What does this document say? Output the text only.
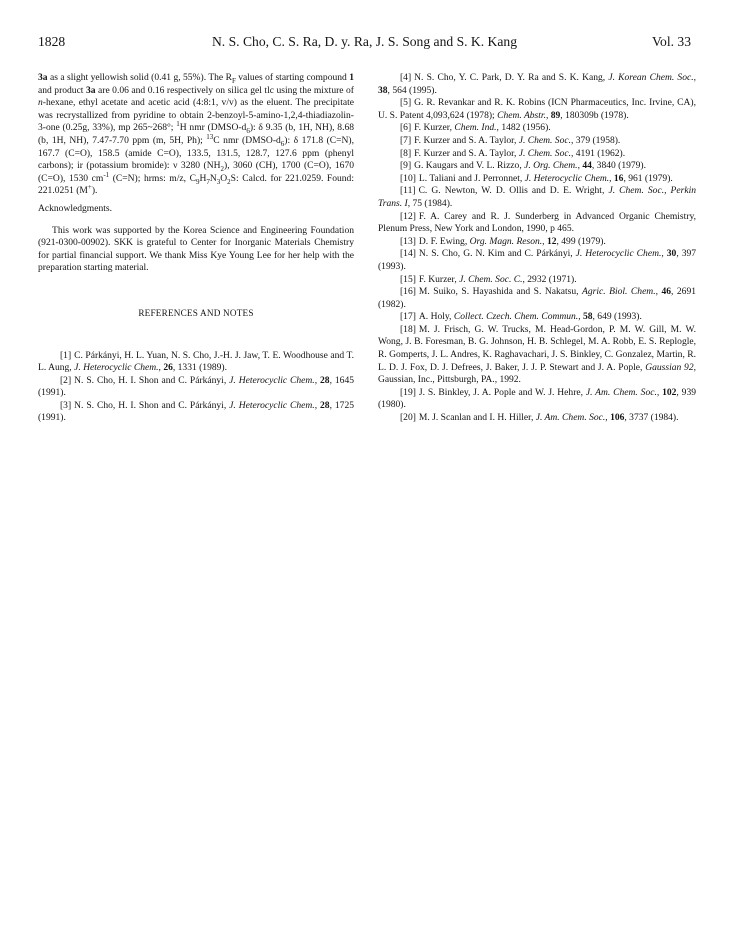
1828	N. S. Cho, C. S. Ra, D. y. Ra, J. S. Song and S. K. Kang	Vol. 33

3a as a slight yellowish solid (0.41 g, 55%). The $R_F$ values of starting compound 1 and product 3a are 0.06 and 0.16 respectively on silica gel tlc using the mixture of n-hexane, ethyl acetate and acetic acid (4:8:1, v/v) as the eluent. The precipitate was recrystallized from pyridine to obtain 2-benzoyl-5-amino-1,2,4-thiadiazolin-3-one (0.25g, 33%), mp 265~268°; $^1$H nmr $(DMSO-d_6)$: δ 9.35 (b, 1H, NH), 8.68 (b, 1H, NH), 7.47-7.70 ppm (m, 5H, Ph); $^{13}$C nmr $(DMSO-d_6)$: δ 171.8 (C=N), 167.7 (C=O), 158.5 (amide C=O), 133.5, 131.5, 128.7, 127.6 ppm (phenyl carbons); ir (potassium bromide): ν 3280 $(NH_2)$, 3060 (CH), 1700 (C=O), 1670 (C=O), 1530 $cm^{-1}$ (C=N); hrms: m/z, $C_9H_7N_3O_2S$: Calcd. for 221.0259. Found: 221.0251 (M+).

Acknowledgments.

This work was supported by the Korea Science and Engineering Foundation (921-0300-00902). SKK is grateful to Center for Inorganic Materials Chemistry for partial financial support. We thank Miss Kye Young Lee for her help with the preparation starting material.

REFERENCES AND NOTES

[1] C. Párkányi, H. L. Yuan, N. S. Cho, J.-H. J. Jaw, T. E. Woodhouse and T. L. Aung, J. Heterocyclic Chem., 26, 1331 (1989).

[2] N. S. Cho, H. I. Shon and C. Párkányi, J. Heterocyclic Chem., 28, 1645 (1991).

[3] N. S. Cho, H. I. Shon and C. Párkányi, J. Heterocyclic Chem., 28, 1725 (1991).

[4] N. S. Cho, Y. C. Park, D. Y. Ra and S. K. Kang, J. Korean Chem. Soc., 38, 564 (1995).

[5] G. R. Revankar and R. K. Robins (ICN Pharmaceutics, Inc. Irvine, CA), U. S. Patent 4,093,624 (1978); Chem. Abstr., 89, 180309b (1978).

[6] F. Kurzer, Chem. Ind., 1482 (1956).

[7] F. Kurzer and S. A. Taylor, J. Chem. Soc., 379 (1958).

[8] F. Kurzer and S. A. Taylor, J. Chem. Soc., 4191 (1962).

[9] G. Kaugars and V. L. Rizzo, J. Org. Chem., 44, 3840 (1979).

[10] L. Taliani and J. Perronnet, J. Heterocyclic Chem., 16, 961 (1979).

[11] C. G. Newton, W. D. Ollis and D. E. Wright, J. Chem. Soc., Perkin Trans. I, 75 (1984).

[12] F. A. Carey and R. J. Sunderberg in Advanced Organic Chemistry, Plenum Press, New York and London, 1990, p 465.

[13] D. F. Ewing, Org. Magn. Reson., 12, 499 (1979).

[14] N. S. Cho, G. N. Kim and C. Párkányi, J. Heterocyclic Chem., 30, 397 (1993).

[15] F. Kurzer, J. Chem. Soc. C., 2932 (1971).

[16] M. Suiko, S. Hayashida and S. Nakatsu, Agric. Biol. Chem., 46, 2691 (1982).

[17] A. Holy, Collect. Czech. Chem. Commun., 58, 649 (1993).

[18] M. J. Frisch, G. W. Trucks, M. Head-Gordon, P. M. W. Gill, M. W. Wong, J. B. Foresman, B. G. Johnson, H. B. Schlegel, M. A. Robb, E. S. Replogle, R. Gomperts, J. L. Andres, K. Raghavachari, J. S. Binkley, C. Gonzalez, Martin, R. L. D. J. Fox, D. J. Defrees, J. Baker, J. J. P. Stewart and J. A. Pople, Gaussian 92, Gaussian, Inc., Pittsburgh, PA., 1992.

[19] J. S. Binkley, J. A. Pople and W. J. Hehre, J. Am. Chem. Soc., 102, 939 (1980).

[20] M. J. Scanlan and I. H. Hiller, J. Am. Chem. Soc., 106, 3737 (1984).
